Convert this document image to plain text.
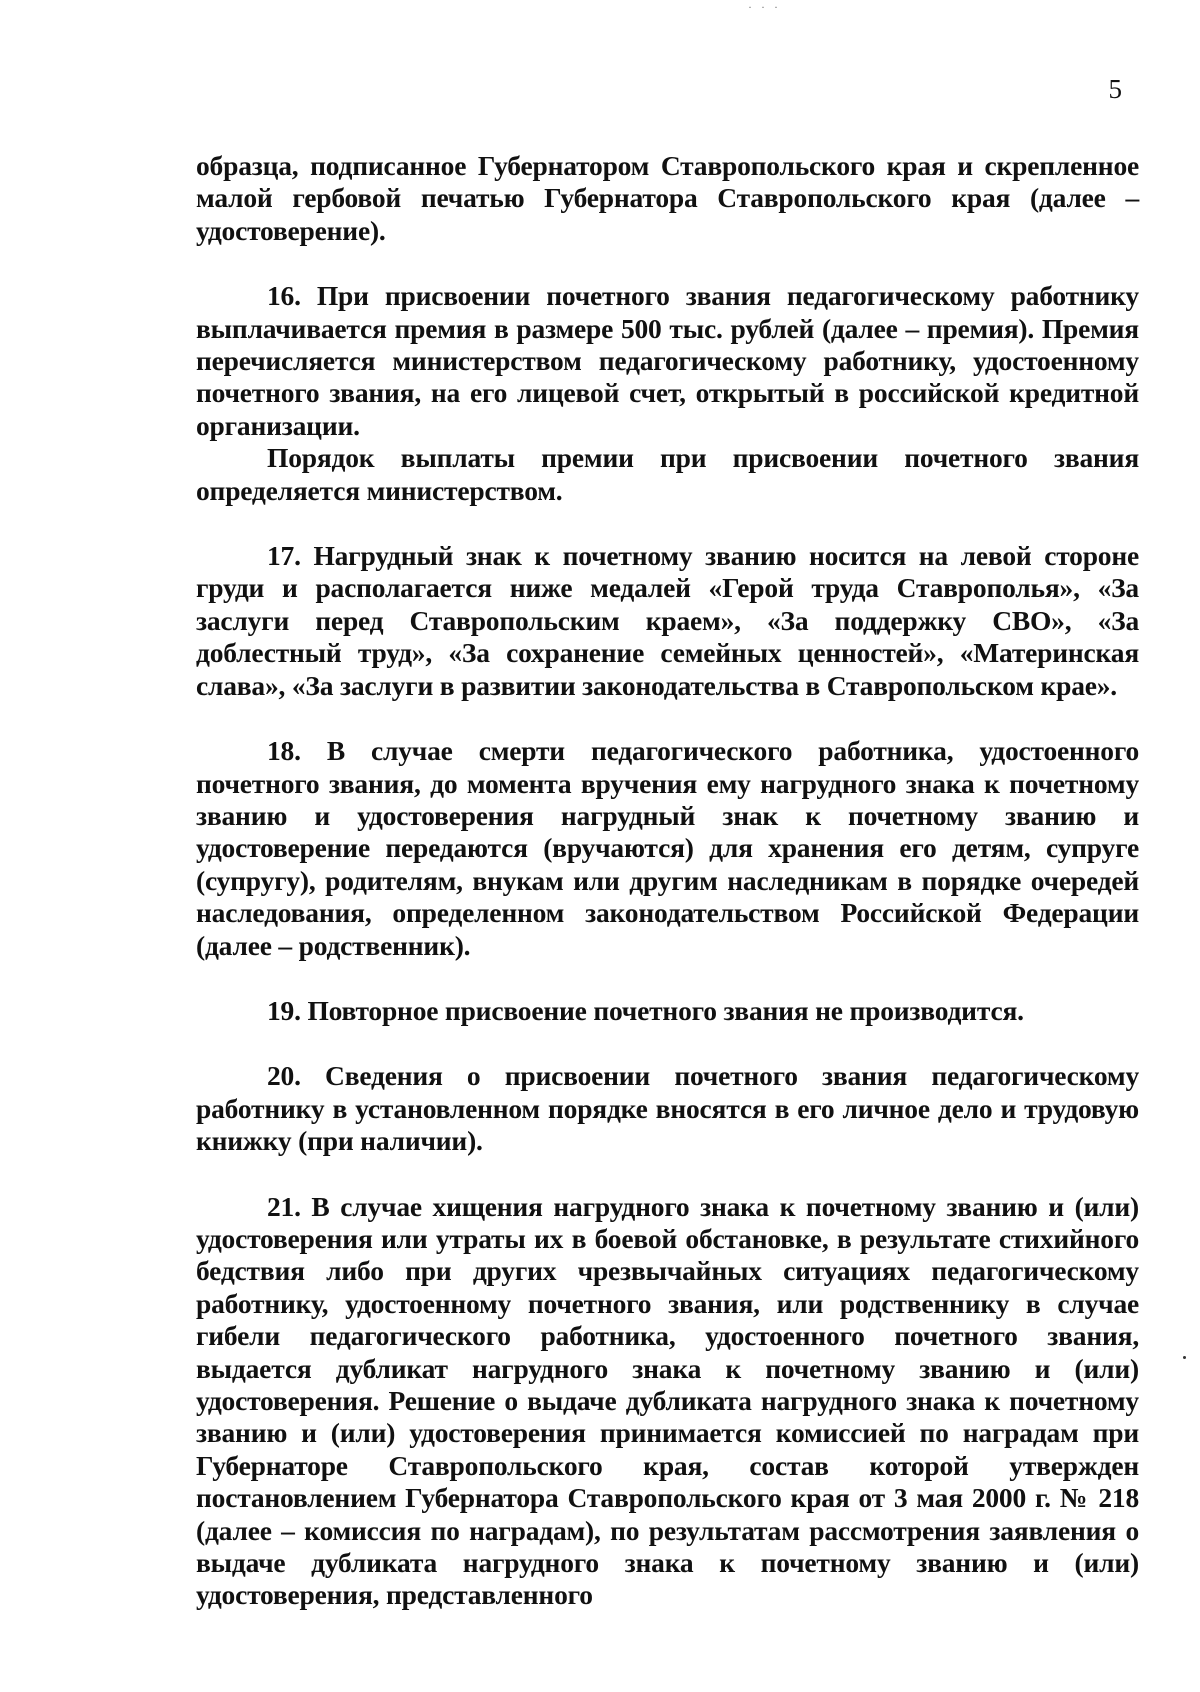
· · ·
5

образца, подписанное Губернатором Ставропольского края и скрепленное малой гербовой печатью Губернатора Ставропольского края (далее – удостоверение).

16. При присвоении почетного звания педагогическому работнику выплачивается премия в размере 500 тыс. рублей (далее – премия). Премия перечисляется министерством педагогическому работнику, удостоенному почетного звания, на его лицевой счет, открытый в российской кредитной организации.

Порядок выплаты премии при присвоении почетного звания определяется министерством.

17. Нагрудный знак к почетному званию носится на левой стороне груди и располагается ниже медалей «Герой труда Ставрополья», «За заслуги перед Ставропольским краем», «За поддержку СВО», «За доблестный труд», «За сохранение семейных ценностей», «Материнская слава», «За заслуги в развитии законодательства в Ставропольском крае».

18. В случае смерти педагогического работника, удостоенного почетного звания, до момента вручения ему нагрудного знака к почетному званию и удостоверения нагрудный знак к почетному званию и удостоверение передаются (вручаются) для хранения его детям, супруге (супругу), родителям, внукам или другим наследникам в порядке очередей наследования, определенном законодательством Российской Федерации (далее – родственник).

19. Повторное присвоение почетного звания не производится.

20. Сведения о присвоении почетного звания педагогическому работнику в установленном порядке вносятся в его личное дело и трудовую книжку (при наличии).

21. В случае хищения нагрудного знака к почетному званию и (или) удостоверения или утраты их в боевой обстановке, в результате стихийного бедствия либо при других чрезвычайных ситуациях педагогическому работнику, удостоенному почетного звания, или родственнику в случае гибели педагогического работника, удостоенного почетного звания, выдается дубликат нагрудного знака к почетному званию и (или) удостоверения. Решение о выдаче дубликата нагрудного знака к почетному званию и (или) удостоверения принимается комиссией по наградам при Губернаторе Ставропольского края, состав которой утвержден постановлением Губернатора Ставропольского края от 3 мая 2000 г. № 218 (далее – комиссия по наградам), по результатам рассмотрения заявления о выдаче дубликата нагрудного знака к почетному званию и (или) удостоверения, представленного
